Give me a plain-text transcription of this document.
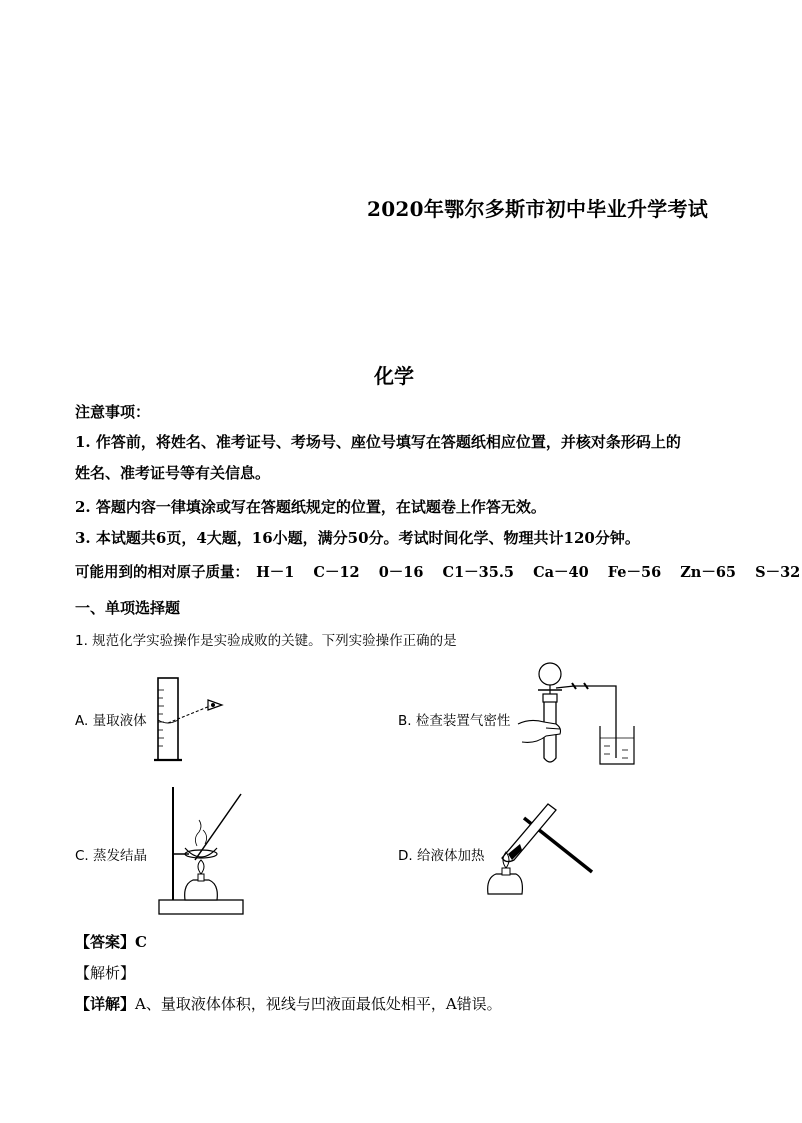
2020年鄂尔多斯市初中毕业升学考试
化学
注意事项：
1. 作答前，将姓名、准考证号、考场号、座位号填写在答题纸相应位置，并核对条形码上的
姓名、准考证号等有关信息。
2. 答题内容一律填涂或写在答题纸规定的位置，在试题卷上作答无效。
3. 本试题共6页，4大题，16小题，满分50分。考试时间化学、物理共计120分钟。
可能用到的相对原子质量： H－1 C－12 0－16 C1－35.5 Ca－40 Fe－56 Zn－65 S－32
一、单项选择题
1. 规范化学实验操作是实验成败的关键。下列实验操作正确的是
A. 量取液体	B. 检查装置气密性
C. 蒸发结晶	D. 给液体加热
【答案】C
【解析】
【详解】A、量取液体体积，视线与凹液面最低处相平，A错误。
